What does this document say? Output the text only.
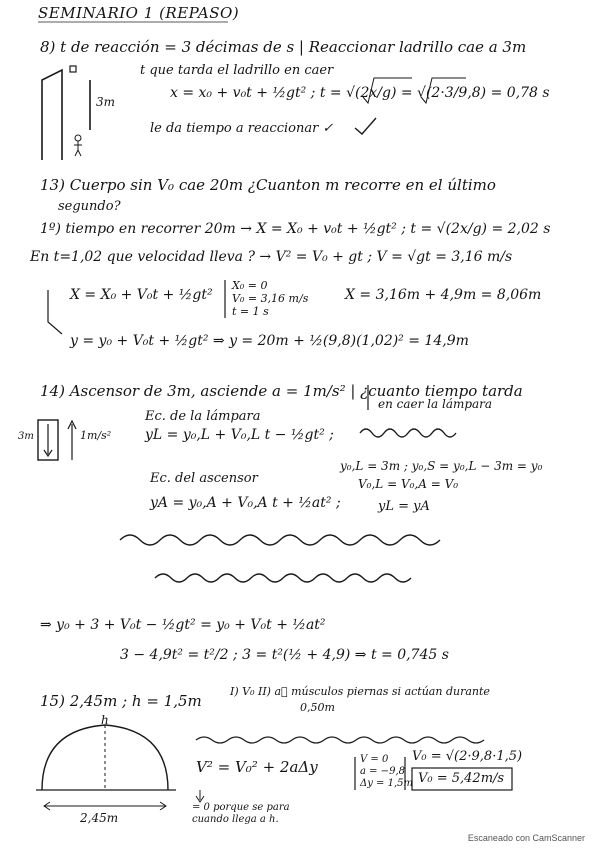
SEMINARIO 1 (REPASO)
8) t de reacción = 3 décimas de s | Reaccionar ladrillo cae a 3m
t que tarda el ladrillo en caer
3m
x = x₀ + v₀t + ½gt² ; t = √(2x/g) = √(2·3/9,8) = 0,78 s
le da tiempo a reaccionar ✓
13) Cuerpo sin V₀ cae 20m ¿Cuanton m recorre en el último
segundo?
1º) tiempo en recorrer 20m → X = X₀ + v₀t + ½gt² ; t = √(2x/g) = 2,02 s
En t=1,02 que velocidad lleva ? → V² = V₀ + gt ; V = √gt = 3,16 m/s
X = X₀ + V₀t + ½gt²
X₀ = 0
V₀ = 3,16 m/s
t = 1 s
X = 3,16m + 4,9m = 8,06m
y = y₀ + V₀t + ½gt² ⇒ y = 20m + ½(9,8)(1,02)² = 14,9m
14) Ascensor de 3m, asciende a = 1m/s² | ¿cuanto tiempo tarda
en caer la lámpara
3m	1m/s²
Ec. de la lámpara
yL = y₀,L + V₀,L t − ½gt² ;
y₀,L = 3m ; y₀,S = y₀,L − 3m = y₀
V₀,L = V₀,A = V₀
Ec. del ascensor
yA = y₀,A + V₀,A t + ½at² ;	yL = yA
⇒ y₀ + 3 + V₀t − ½gt² = y₀ + V₀t + ½at²
3 − 4,9t² = t²/2 ; 3 = t²(½ + 4,9) ⇒ t = 0,745 s
15) 2,45m ; h = 1,5m
I) V₀ II) a⃗ músculos piernas si actúan durante
0,50m
h
2,45m
V² = V₀² + 2aΔy	V = 0
a = −9,8
Δy = 1,5m
V₀ = √(2·9,8·1,5)
V₀ = 5,42m/s
= 0 porque se para
cuando llega a h.
Escaneado con CamScanner
